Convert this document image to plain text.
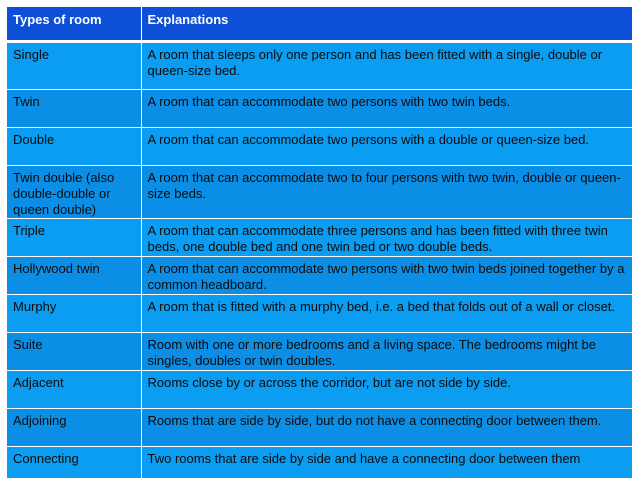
Types of room	Explanations
Single	A room that sleeps only one person and has been fitted with a single, double or queen-size bed.
Twin	A room that can accommodate two persons with two twin beds.
Double	A room that can accommodate two persons with a double or queen-size bed.
Twin double (also double-double or queen double)	A room that can accommodate two to four persons with two twin, double or queen-size beds.
Triple	A room that can accommodate three persons and has been fitted with three twin beds, one double bed and one twin bed or two double beds.
Hollywood twin	A room that can accommodate two persons with two twin beds joined together by a common headboard.
Murphy	A room that is fitted with a murphy bed, i.e. a bed that folds out of a wall or closet.
Suite	Room with one or more bedrooms and a living space. The bedrooms might be singles, doubles or twin doubles.
Adjacent	Rooms close by or across the corridor, but are not side by side.
Adjoining	Rooms that are side by side, but do not have a connecting door between them.
Connecting	Two rooms that are side by side and have a connecting door between them
